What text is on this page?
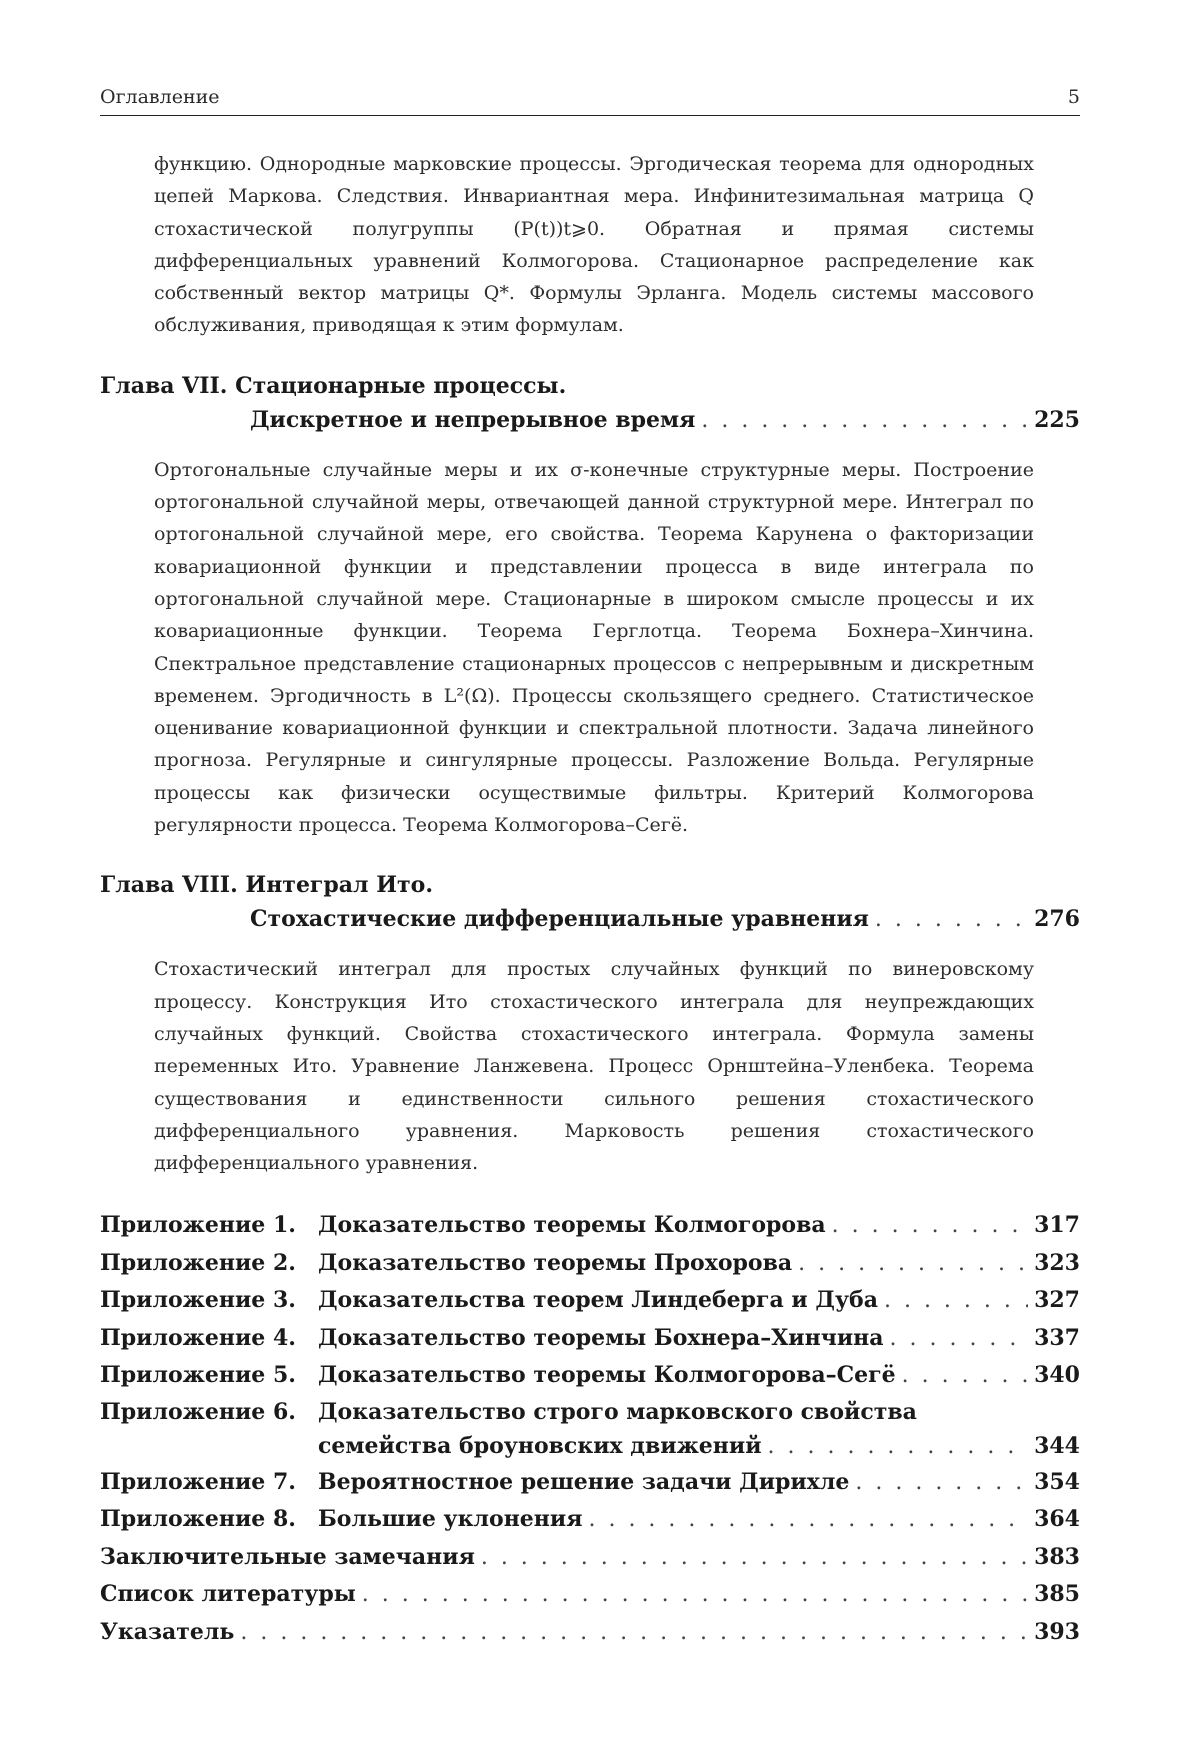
Оглавление	5
функцию. Однородные марковские процессы. Эргодическая теорема для однородных цепей Маркова. Следствия. Инвариантная мера. Инфинитезимальная матрица Q стохастической полугруппы (P(t))t⩾0. Обратная и прямая системы дифференциальных уравнений Колмогорова. Стационарное распределение как собственный вектор матрицы Q*. Формулы Эрланга. Модель системы массового обслуживания, приводящая к этим формулам.
Глава VII. Стационарные процессы.
Дискретное и непрерывное время . . .	225
Ортогональные случайные меры и их σ-конечные структурные меры. Построение ортогональной случайной меры, отвечающей данной структурной мере. Интеграл по ортогональной случайной мере, его свойства. Теорема Карунена о факторизации ковариационной функции и представлении процесса в виде интеграла по ортогональной случайной мере. Стационарные в широком смысле процессы и их ковариационные функции. Теорема Герглотца. Теорема Бохнера–Хинчина. Спектральное представление стационарных процессов с непрерывным и дискретным временем. Эргодичность в L²(Ω). Процессы скользящего среднего. Статистическое оценивание ковариационной функции и спектральной плотности. Задача линейного прогноза. Регулярные и сингулярные процессы. Разложение Вольда. Регулярные процессы как физически осуществимые фильтры. Критерий Колмогорова регулярности процесса. Теорема Колмогорова–Сегё.
Глава VIII. Интеграл Ито.
Стохастические дифференциальные уравнения . . .	276
Стохастический интеграл для простых случайных функций по винеровскому процессу. Конструкция Ито стохастического интеграла для неупреждающих случайных функций. Свойства стохастического интеграла. Формула замены переменных Ито. Уравнение Ланжевена. Процесс Орнштейна–Уленбека. Теорема существования и единственности сильного решения стохастического дифференциального уравнения. Марковость решения стохастического дифференциального уравнения.
Приложение 1.	Доказательство теоремы Колмогорова . . .	317
Приложение 2.	Доказательство теоремы Прохорова . . .	323
Приложение 3.	Доказательства теорем Линдеберга и Дуба . . .	327
Приложение 4.	Доказательство теоремы Бохнера–Хинчина . . .	337
Приложение 5.	Доказательство теоремы Колмогорова–Сегё . . .	340
Приложение 6.	Доказательство строго марковского свойства
семейства броуновских движений . . .	344
Приложение 7.	Вероятностное решение задачи Дирихле . . .	354
Приложение 8.	Большие уклонения . . .	364
Заключительные замечания . . .	383
Список литературы . . .	385
Указатель . . .	393
